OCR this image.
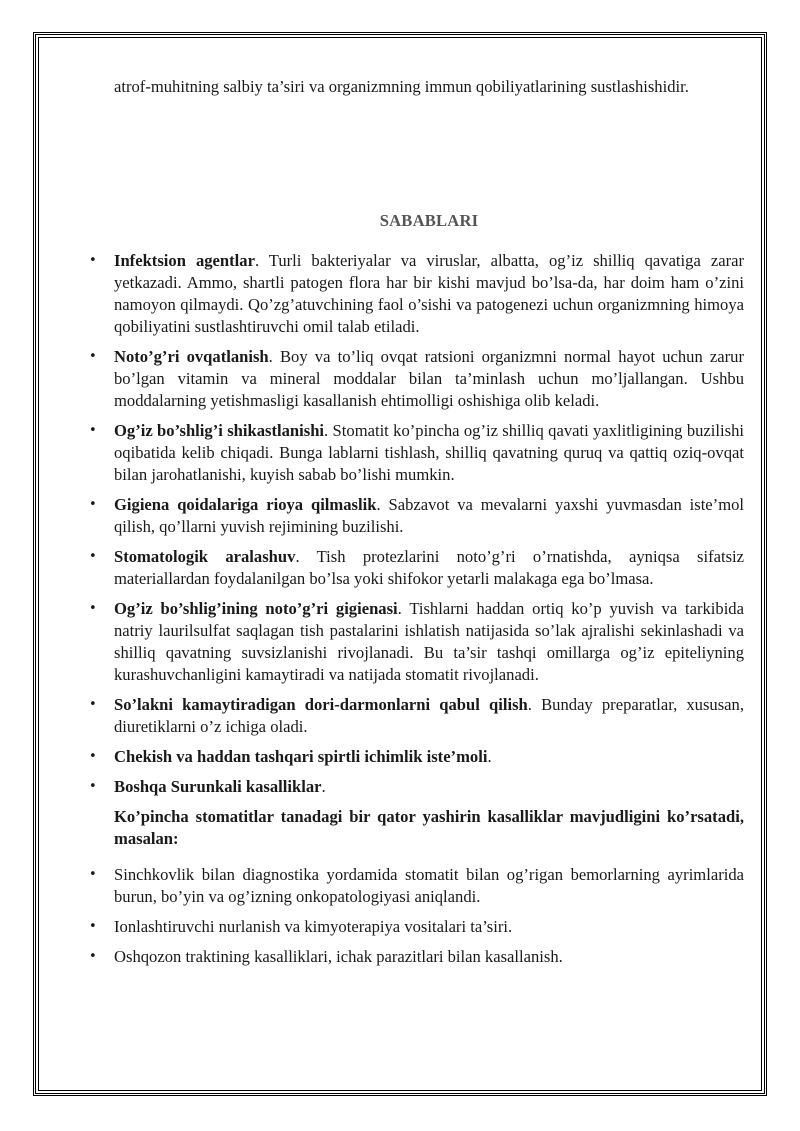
atrof-muhitning salbiy ta’siri va organizmning immun qobiliyatlarining sustlashishidir.

SABABLARI
• Infektsion agentlar. Turli bakteriyalar va viruslar, albatta, og’iz shilliq qavatiga zarar yetkazadi. Ammo, shartli patogen flora har bir kishi mavjud bo’lsa-da, har doim ham o’zini namoyon qilmaydi. Qo’zg’atuvchining faol o’sishi va patogenezi uchun organizmning himoya qobiliyatini sustlashtiruvchi omil talab etiladi.
• Noto’g’ri ovqatlanish. Boy va to’liq ovqat ratsioni organizmni normal hayot uchun zarur bo’lgan vitamin va mineral moddalar bilan ta’minlash uchun mo’ljallangan. Ushbu moddalarning yetishmasligi kasallanish ehtimolligi oshishiga olib keladi.
• Og’iz bo’shlig’i shikastlanishi. Stomatit ko’pincha og’iz shilliq qavati yaxlitligining buzilishi oqibatida kelib chiqadi. Bunga lablarni tishlash, shilliq qavatning quruq va qattiq oziq-ovqat bilan jarohatlanishi, kuyish sabab bo’lishi mumkin.
• Gigiena qoidalariga rioya qilmaslik. Sabzavot va mevalarni yaxshi yuvmasdan iste’mol qilish, qo’llarni yuvish rejimining buzilishi.
• Stomatologik aralashuv. Tish protezlarini noto’g’ri o’rnatishda, ayniqsa sifatsiz materiallardan foydalanilgan bo’lsa yoki shifokor yetarli malakaga ega bo’lmasa.
• Og’iz bo’shlig’ining noto’g’ri gigienasi. Tishlarni haddan ortiq ko’p yuvish va tarkibida natriy laurilsulfat saqlagan tish pastalarini ishlatish natijasida so’lak ajralishi sekinlashadi va shilliq qavatning suvsizlanishi rivojlanadi. Bu ta’sir tashqi omillarga og’iz epiteliyning kurashuvchanligini kamaytiradi va natijada stomatit rivojlanadi.
• So’lakni kamaytiradigan dori-darmonlarni qabul qilish. Bunday preparatlar, xususan, diuretiklarni o’z ichiga oladi.
• Chekish va haddan tashqari spirtli ichimlik iste’moli.
• Boshqa Surunkali kasalliklar.

Ko’pincha stomatitlar tanadagi bir qator yashirin kasalliklar mavjudligini ko’rsatadi, masalan:

• Sinchkovlik bilan diagnostika yordamida stomatit bilan og’rigan bemorlarning ayrimlarida burun, bo’yin va og’izning onkopatologiyasi aniqlandi.
• Ionlashtiruvchi nurlanish va kimyoterapiya vositalari ta’siri.
• Oshqozon traktining kasalliklari, ichak parazitlari bilan kasallanish.
